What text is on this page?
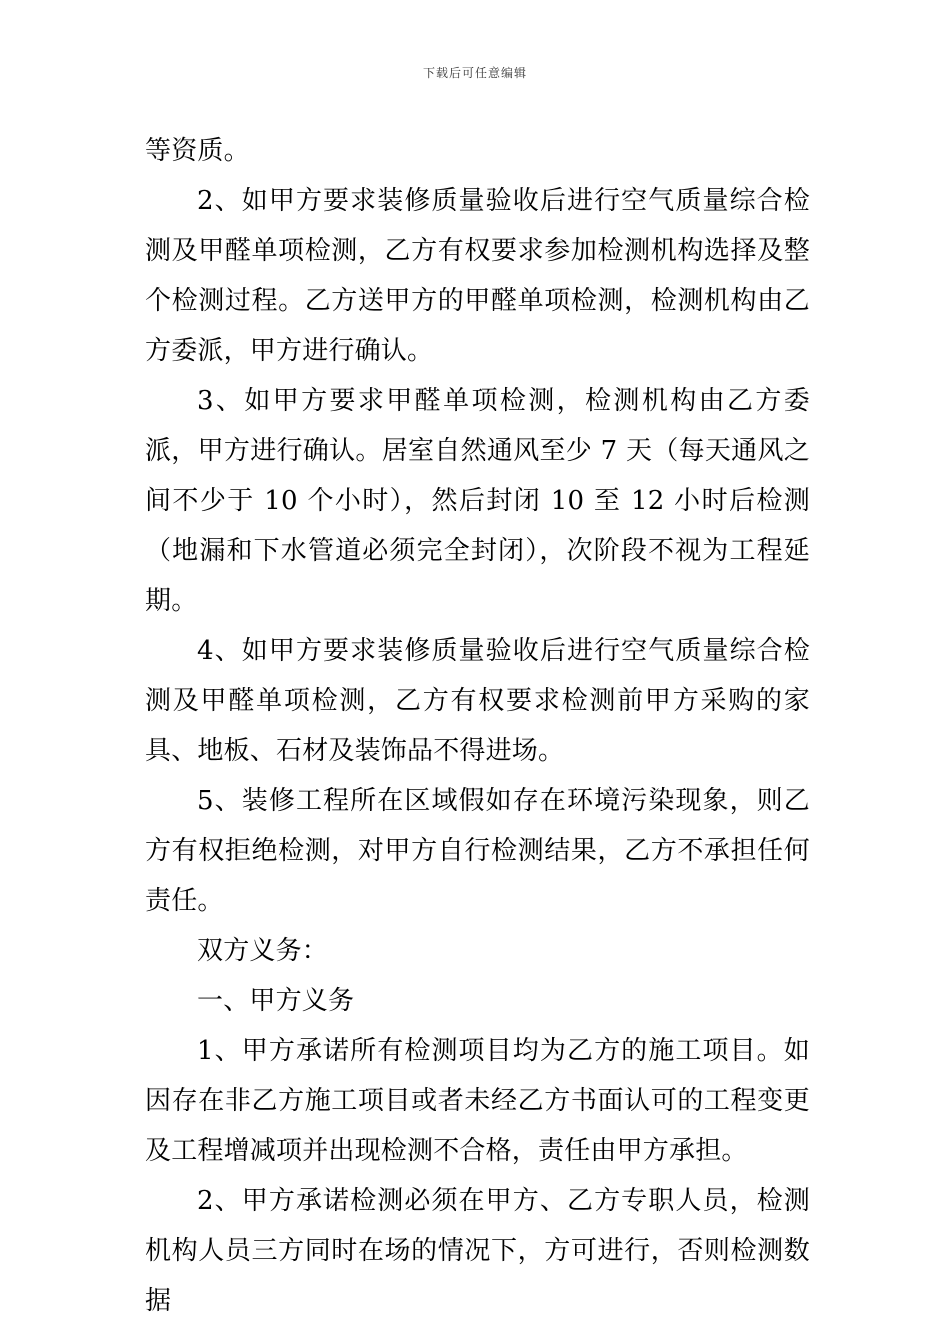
下载后可任意编辑

等资质。

2、如甲方要求装修质量验收后进行空气质量综合检测及甲醛单项检测，乙方有权要求参加检测机构选择及整个检测过程。乙方送甲方的甲醛单项检测，检测机构由乙方委派，甲方进行确认。

3、如甲方要求甲醛单项检测，检测机构由乙方委派，甲方进行确认。居室自然通风至少 7 天（每天通风之间不少于 10 个小时），然后封闭 10 至 12 小时后检测（地漏和下水管道必须完全封闭），次阶段不视为工程延期。

4、如甲方要求装修质量验收后进行空气质量综合检测及甲醛单项检测，乙方有权要求检测前甲方采购的家具、地板、石材及装饰品不得进场。

5、装修工程所在区域假如存在环境污染现象，则乙方有权拒绝检测，对甲方自行检测结果，乙方不承担任何责任。

双方义务：

一、甲方义务

1、甲方承诺所有检测项目均为乙方的施工项目。如因存在非乙方施工项目或者未经乙方书面认可的工程变更及工程增减项并出现检测不合格，责任由甲方承担。

2、甲方承诺检测必须在甲方、乙方专职人员，检测机构人员三方同时在场的情况下，方可进行，否则检测数据
